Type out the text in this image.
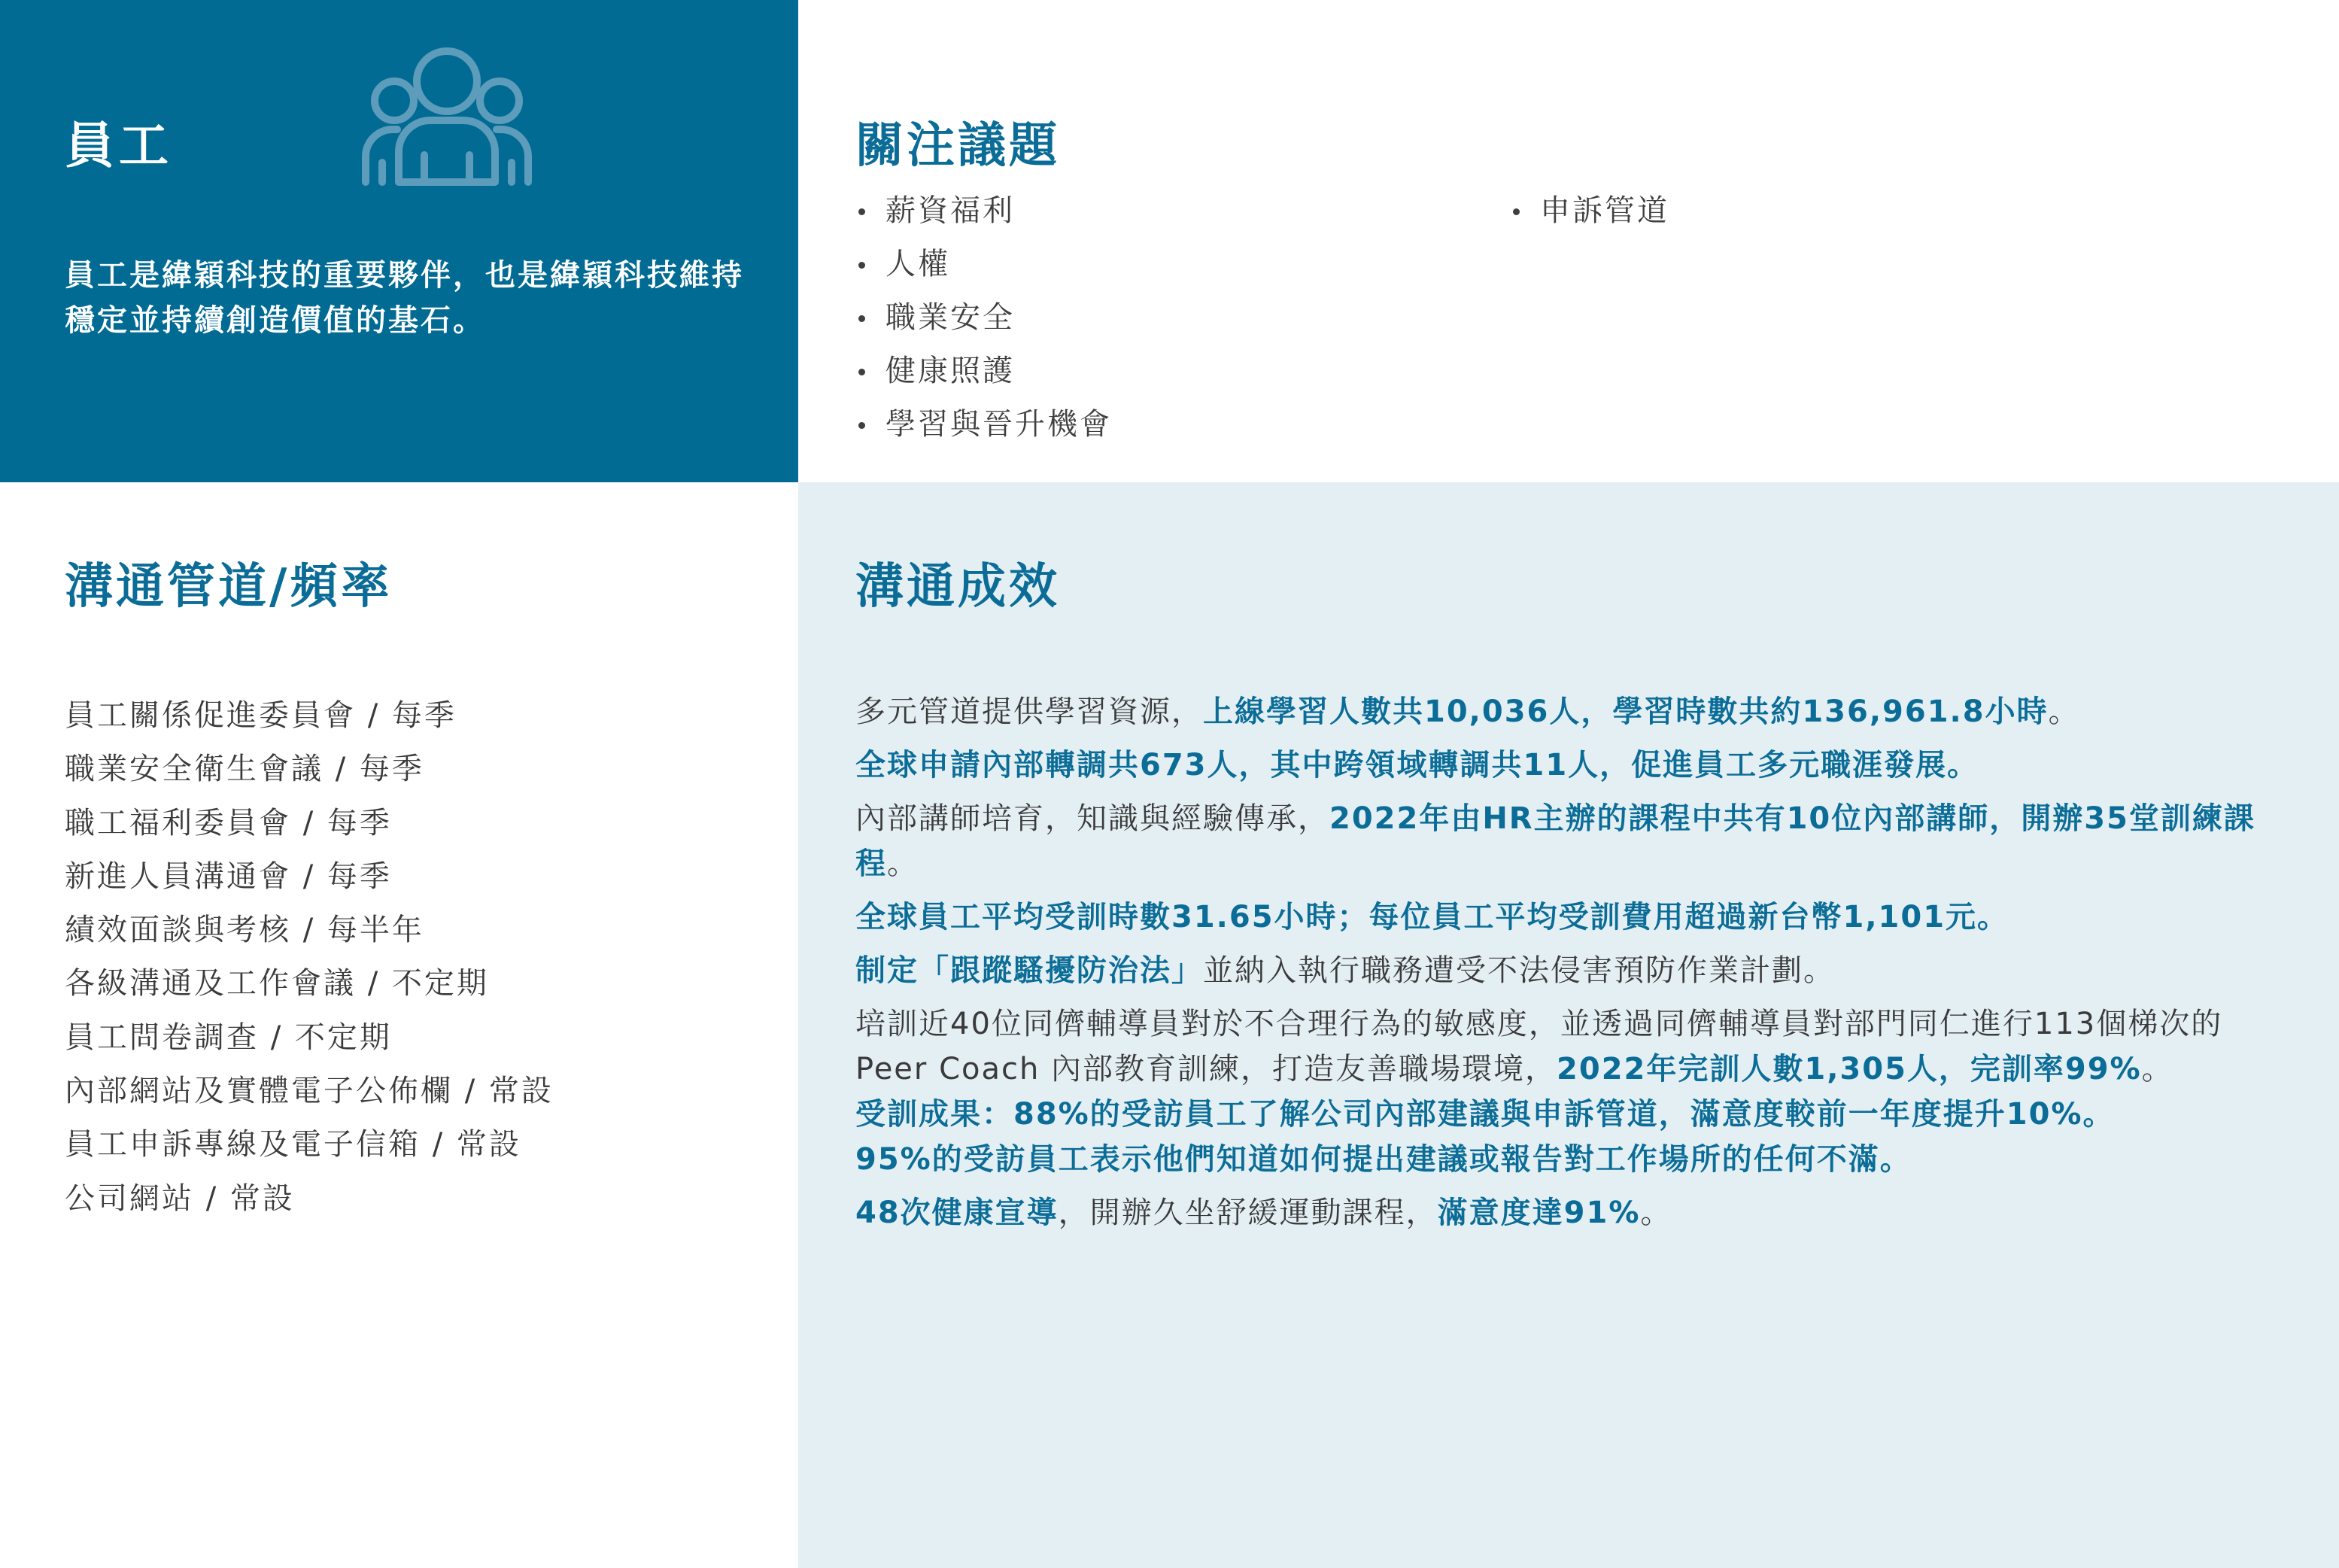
員工

員工是緯穎科技的重要夥伴，也是緯穎科技維持穩定並持續創造價值的基石。

關注議題
薪資福利
人權
職業安全
健康照護
學習與晉升機會
申訴管道
溝通管道/頻率
員工關係促進委員會 / 每季
職業安全衛生會議 / 每季
職工福利委員會 / 每季
新進人員溝通會 / 每季
績效面談與考核 / 每半年
各級溝通及工作會議 / 不定期
員工問卷調查 / 不定期
內部網站及實體電子公佈欄 / 常設
員工申訴專線及電子信箱 / 常設
公司網站 / 常設
溝通成效

多元管道提供學習資源，上線學習人數共10,036人，學習時數共約136,961.8小時。

全球申請內部轉調共673人，其中跨領域轉調共11人，促進員工多元職涯發展。

內部講師培育，知識與經驗傳承，2022年由HR主辦的課程中共有10位內部講師，開辦35堂訓練課程。

全球員工平均受訓時數31.65小時；每位員工平均受訓費用超過新台幣1,101元。

制定「跟蹤騷擾防治法」並納入執行職務遭受不法侵害預防作業計劃。

培訓近40位同儕輔導員對於不合理行為的敏感度，並透過同儕輔導員對部門同仁進行113個梯次的 Peer Coach 內部教育訓練，打造友善職場環境，2022年完訓人數1,305人，完訓率99%。

受訓成果：88%的受訪員工了解公司內部建議與申訴管道，滿意度較前一年度提升10%。

95%的受訪員工表示他們知道如何提出建議或報告對工作場所的任何不滿。

48次健康宣導，開辦久坐舒緩運動課程，滿意度達91%。
